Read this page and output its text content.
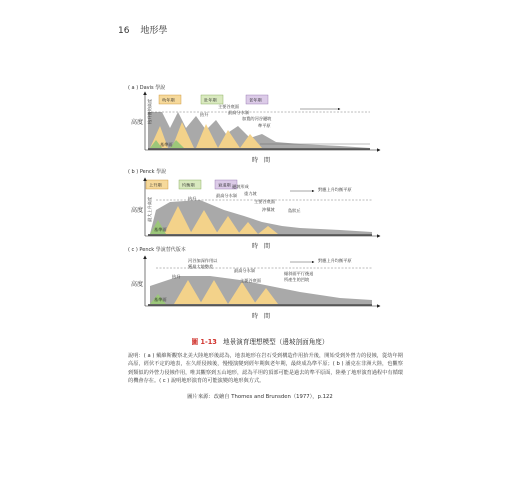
16 地形學
( a ) Davis 學說
( b ) Penck 學說
( c ) Penck 學說替代版本
幼年期	壯年期	老年期
高度
時　間
抬升後的高度	抬升
主要谷底面
最高分水嶺
加寬的河谷邊坡
準平原
基準面
上升期	均衡期	衰退期
高度
時　間
最大上升高度
對應上升均衡平原
抬升
邊坡形成
最高分水嶺 重力坡
主要谷底面
沖積坡	島狀丘
基準面
高度
時　間
對應上升均衡平原
河谷加深作用以
獲最大地勢差
抬升
最高分水嶺
主要谷底面
傾斜面平行後退
所產生的凹坡
基準面
圖 1-13 地景演育理想模型（邊坡剖面角度）
說明：( a ) 戴維斯觀察北美大陸地形後認為，地表地形在岩石受到構造作用抬升後，開始受到外營力的侵蝕，從幼年期高原，經伏不定的地表，在久經侵蝕後，慢慢演變到經年期與老年期，最終成為準平原；( b ) 潘克在非洲大陸，也觀察到類似的外營力侵蝕作用，唯其觀察到五山地形，認為平坦的頂部可能是過去的準平原面，陸壘了地形演育過程中有循環的機會存在。( c ) 說明地形演育的可能演變的地形與方式。
圖片來源：改繪自 Thomes and Brunsden（1977），p.122
